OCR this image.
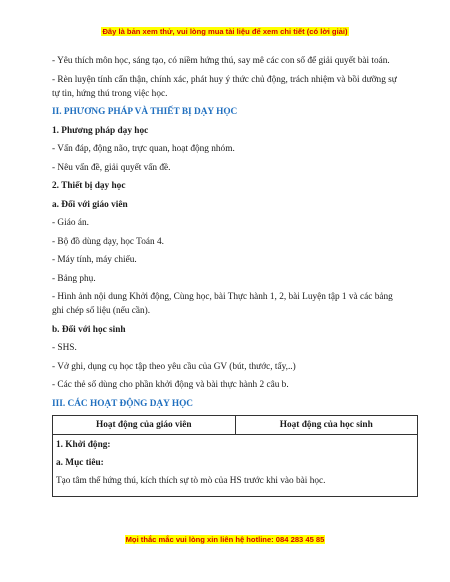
Đây là bản xem thử, vui lòng mua tài liệu để xem chi tiết (có lời giải)

- Yêu thích môn học, sáng tạo, có niềm hứng thú, say mê các con số để giải quyết bài toán.

- Rèn luyện tính cẩn thận, chính xác, phát huy ý thức chủ động, trách nhiệm và bồi dưỡng sự tự tin, hứng thú trong việc học.

II. PHƯƠNG PHÁP VÀ THIẾT BỊ DẠY HỌC

1. Phương pháp dạy học

- Vấn đáp, động não, trực quan, hoạt động nhóm.

- Nêu vấn đề, giải quyết vấn đề.

2. Thiết bị dạy học

a. Đối với giáo viên

- Giáo án.

- Bộ đồ dùng dạy, học Toán 4.

- Máy tính, máy chiếu.

- Bảng phụ.

- Hình ảnh nội dung Khởi động, Cùng học, bài Thực hành 1, 2, bài Luyện tập 1 và các bảng ghi chép số liệu (nếu cần).

b. Đối với học sinh

- SHS.

- Vở ghi, dụng cụ học tập theo yêu cầu của GV (bút, thước, tẩy,..)

- Các thẻ số dùng cho phần khởi động và bài thực hành 2 câu b.

III. CÁC HOẠT ĐỘNG DẠY HỌC

Hoạt động của giáo viên	Hoạt động của học sinh

1. Khởi động:
a. Mục tiêu:
Tạo tâm thế hứng thú, kích thích sự tò mò của HS trước khi vào bài học.
Mọi thắc mắc vui lòng xin liên hệ hotline: 084 283 45 85
